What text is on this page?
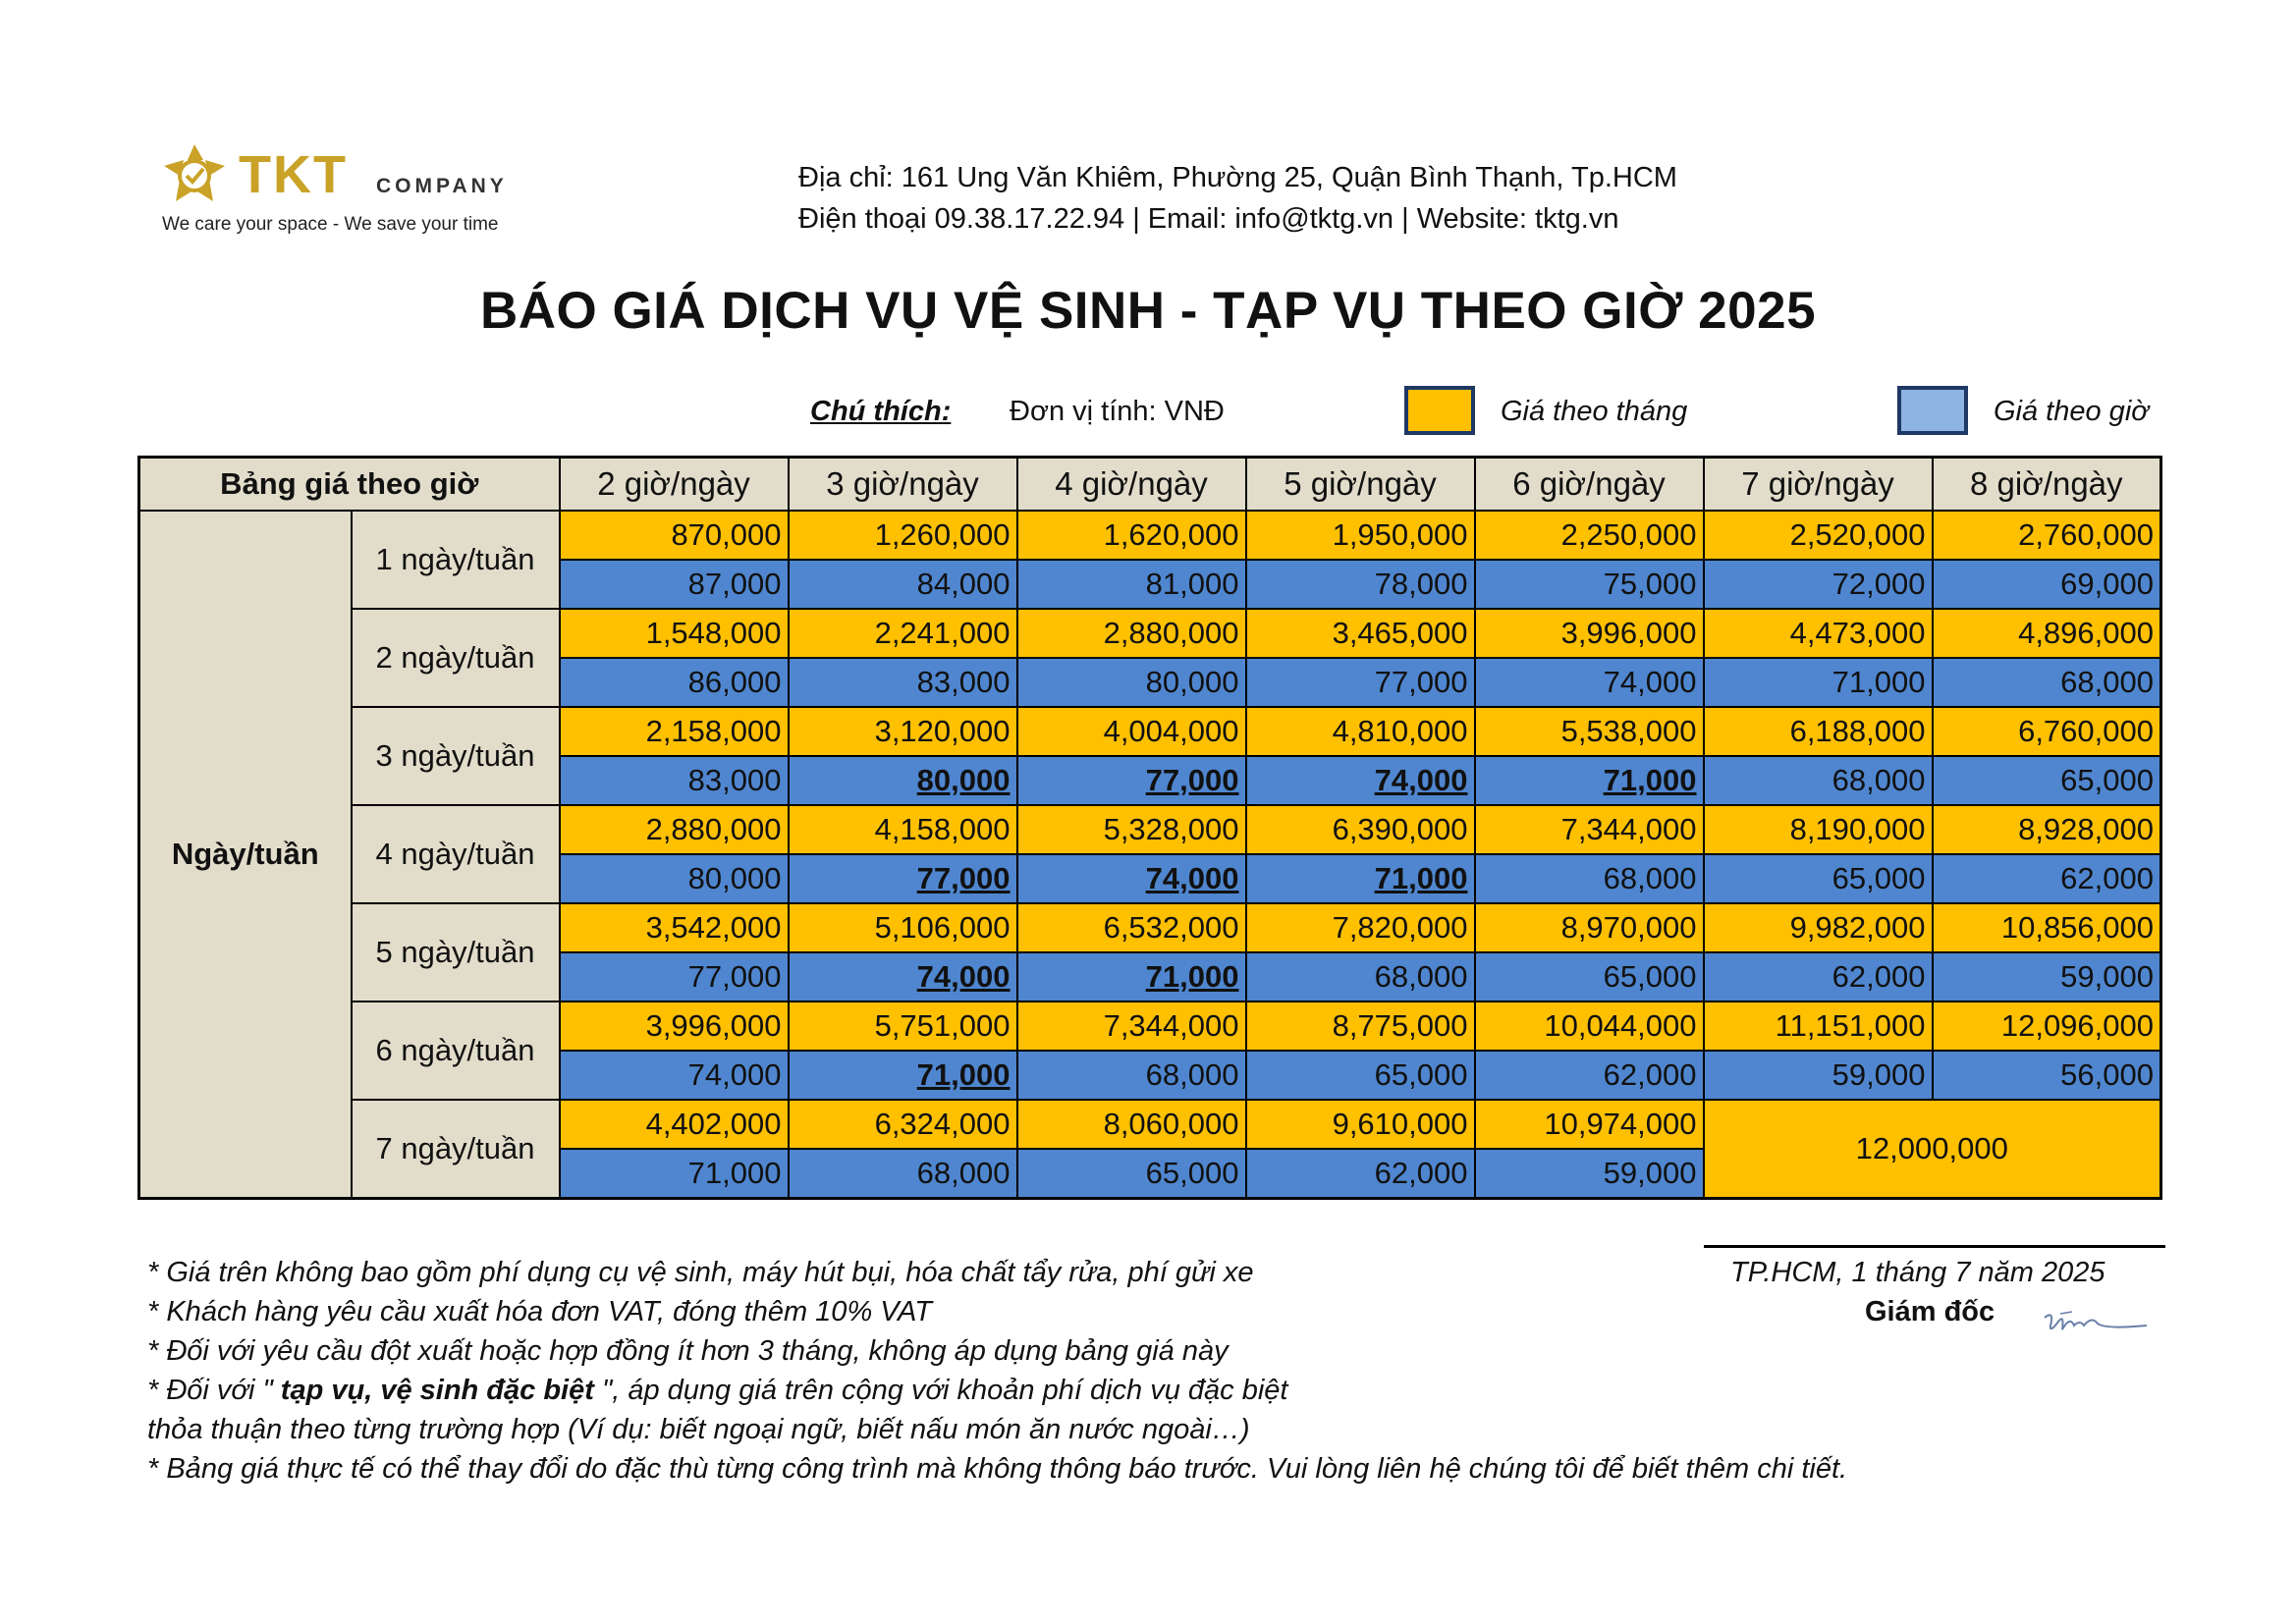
TKT COMPANY
We care your space - We save your time
Địa chỉ: 161 Ung Văn Khiêm, Phường 25, Quận Bình Thạnh, Tp.HCM
Điện thoại 09.38.17.22.94 | Email: info@tktg.vn | Website: tktg.vn
BÁO GIÁ DỊCH VỤ VỆ SINH - TẠP VỤ THEO GIỜ 2025
Chú thích: Đơn vị tính: VNĐ	Giá theo tháng	Giá theo giờ
Bảng giá theo giờ		2 giờ/ngày	3 giờ/ngày	4 giờ/ngày	5 giờ/ngày	6 giờ/ngày	7 giờ/ngày	8 giờ/ngày
Ngày/tuần	1 ngày/tuần	870,000	1,260,000	1,620,000	1,950,000	2,250,000	2,520,000	2,760,000
		87,000	84,000	81,000	78,000	75,000	72,000	69,000
	2 ngày/tuần	1,548,000	2,241,000	2,880,000	3,465,000	3,996,000	4,473,000	4,896,000
		86,000	83,000	80,000	77,000	74,000	71,000	68,000
	3 ngày/tuần	2,158,000	3,120,000	4,004,000	4,810,000	5,538,000	6,188,000	6,760,000
		83,000	80,000	77,000	74,000	71,000	68,000	65,000
	4 ngày/tuần	2,880,000	4,158,000	5,328,000	6,390,000	7,344,000	8,190,000	8,928,000
		80,000	77,000	74,000	71,000	68,000	65,000	62,000
	5 ngày/tuần	3,542,000	5,106,000	6,532,000	7,820,000	8,970,000	9,982,000	10,856,000
		77,000	74,000	71,000	68,000	65,000	62,000	59,000
	6 ngày/tuần	3,996,000	5,751,000	7,344,000	8,775,000	10,044,000	11,151,000	12,096,000
		74,000	71,000	68,000	65,000	62,000	59,000	56,000
	7 ngày/tuần	4,402,000	6,324,000	8,060,000	9,610,000	10,974,000	12,000,000	
		71,000	68,000	65,000	62,000	59,000		
TP.HCM, 1 tháng 7 năm 2025
Giám đốc
* Giá trên không bao gồm phí dụng cụ vệ sinh, máy hút bụi, hóa chất tẩy rửa, phí gửi xe
* Khách hàng yêu cầu xuất hóa đơn VAT, đóng thêm 10% VAT
* Đối với yêu cầu đột xuất hoặc hợp đồng ít hơn 3 tháng, không áp dụng bảng giá này
* Đối với " tạp vụ, vệ sinh đặc biệt ", áp dụng giá trên cộng với khoản phí dịch vụ đặc biệt
thỏa thuận theo từng trường hợp (Ví dụ: biết ngoại ngữ, biết nấu món ăn nước ngoài…)
* Bảng giá thực tế có thể thay đổi do đặc thù từng công trình mà không thông báo trước. Vui lòng liên hệ chúng tôi để biết thêm chi tiết.
